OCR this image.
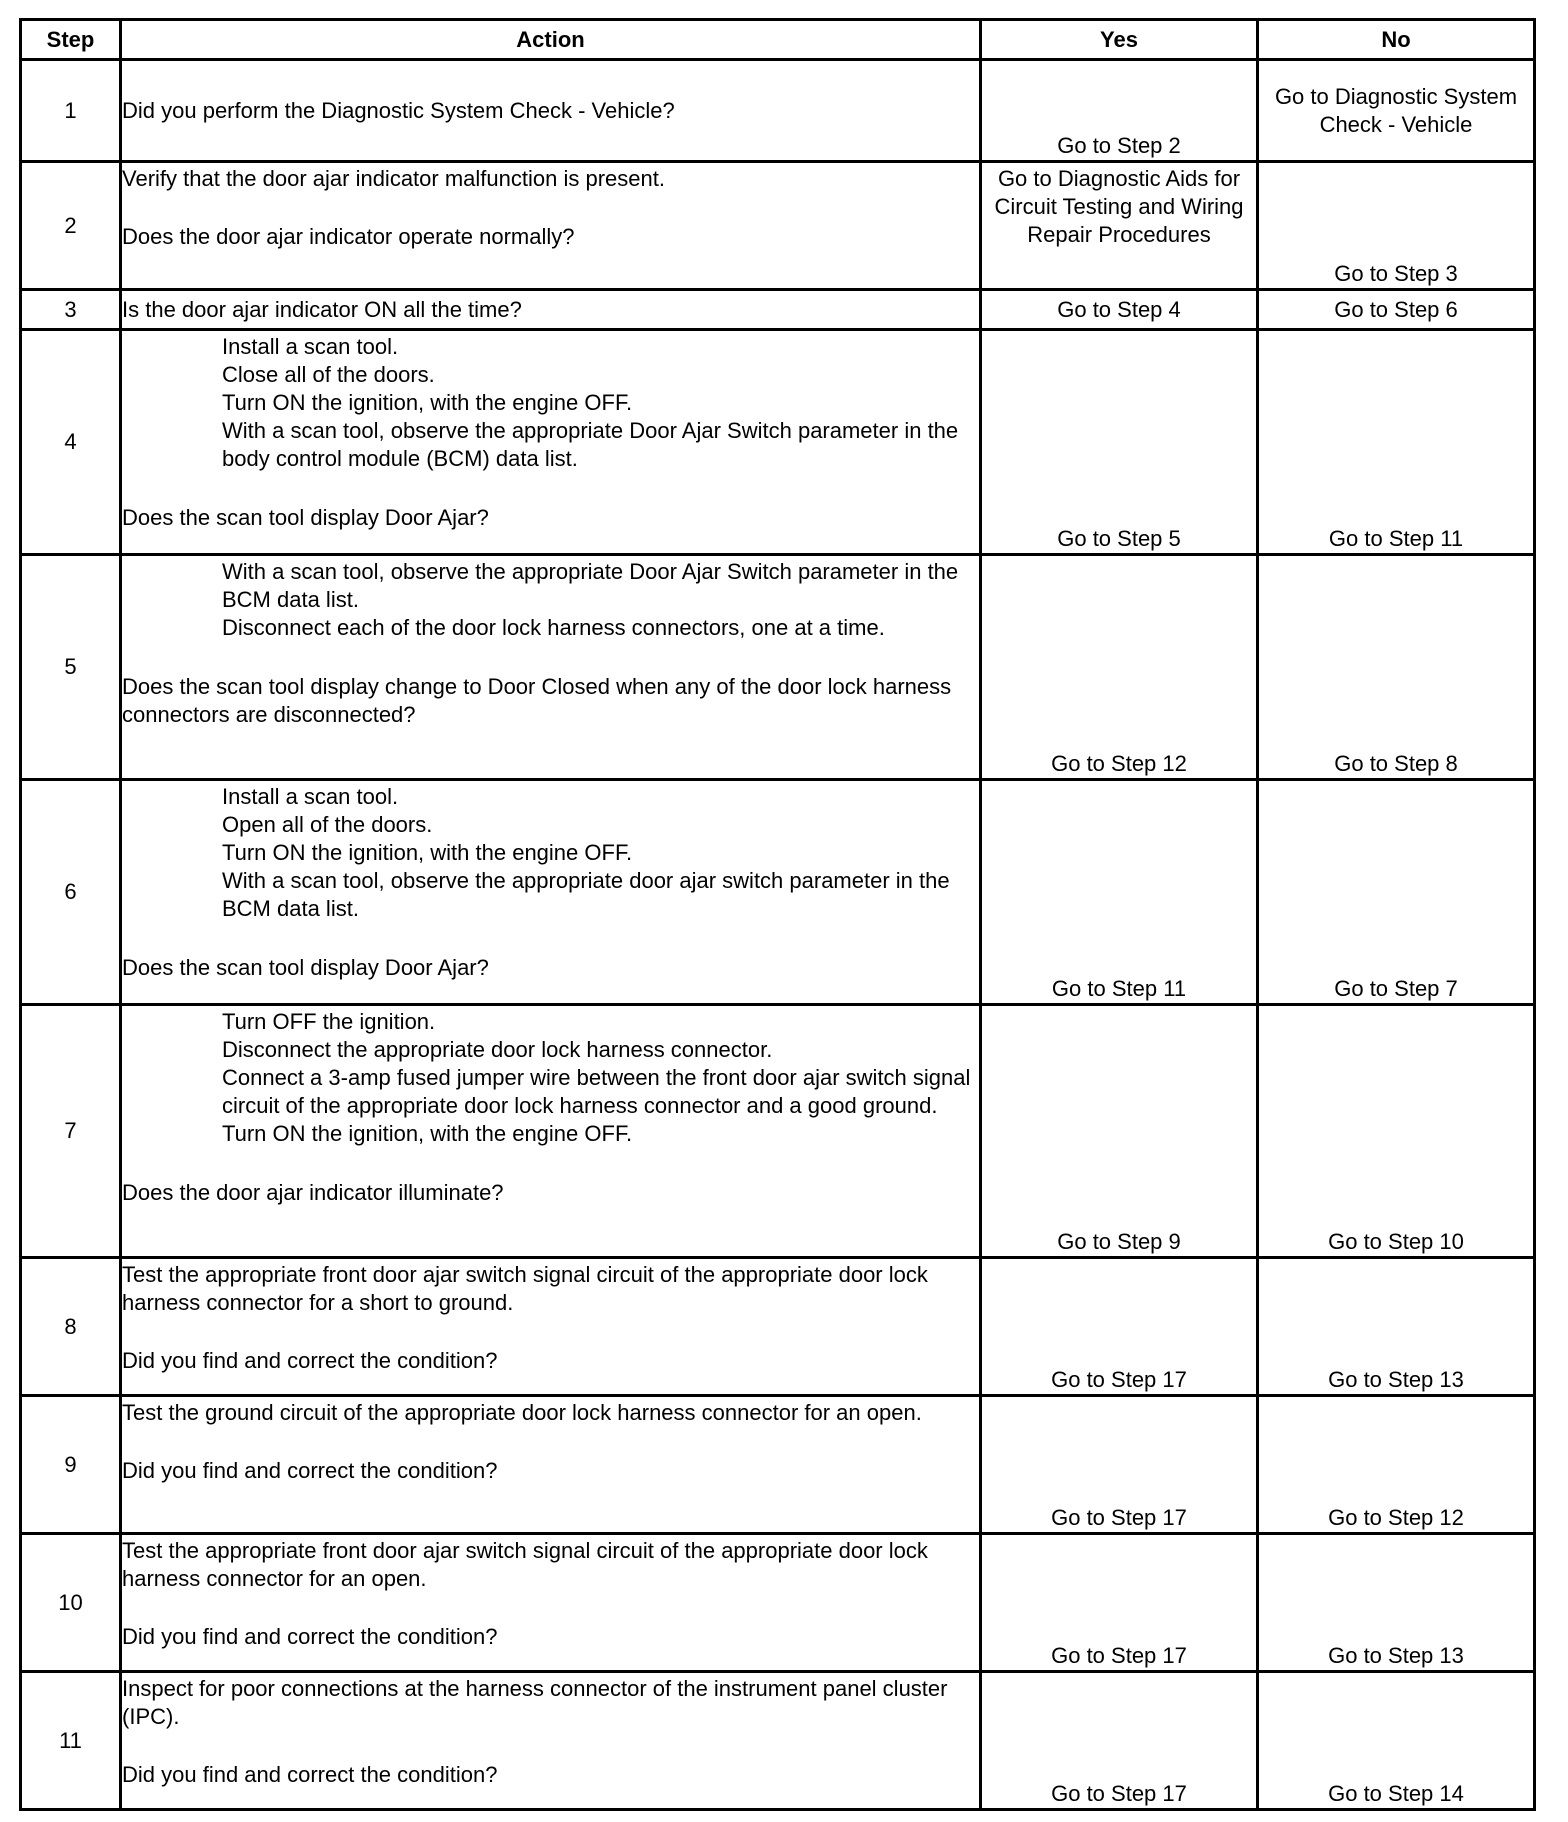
Step	Action	Yes	No
1	Did you perform the Diagnostic System Check - Vehicle?	Go to Step 2	Go to Diagnostic System Check - Vehicle
2	Verify that the door ajar indicator malfunction is present.
Does the door ajar indicator operate normally?	Go to Diagnostic Aids for Circuit Testing and Wiring Repair Procedures	Go to Step 3
3	Is the door ajar indicator ON all the time?	Go to Step 4	Go to Step 6
4	Install a scan tool.
Close all of the doors.
Turn ON the ignition, with the engine OFF.
With a scan tool, observe the appropriate Door Ajar Switch parameter in the body control module (BCM) data list.
Does the scan tool display Door Ajar?	Go to Step 5	Go to Step 11
5	With a scan tool, observe the appropriate Door Ajar Switch parameter in the BCM data list.
Disconnect each of the door lock harness connectors, one at a time.
Does the scan tool display change to Door Closed when any of the door lock harness connectors are disconnected?	Go to Step 12	Go to Step 8
6	Install a scan tool.
Open all of the doors.
Turn ON the ignition, with the engine OFF.
With a scan tool, observe the appropriate door ajar switch parameter in the BCM data list.
Does the scan tool display Door Ajar?	Go to Step 11	Go to Step 7
7	Turn OFF the ignition.
Disconnect the appropriate door lock harness connector.
Connect a 3-amp fused jumper wire between the front door ajar switch signal circuit of the appropriate door lock harness connector and a good ground.
Turn ON the ignition, with the engine OFF.
Does the door ajar indicator illuminate?	Go to Step 9	Go to Step 10
8	Test the appropriate front door ajar switch signal circuit of the appropriate door lock harness connector for a short to ground.
Did you find and correct the condition?	Go to Step 17	Go to Step 13
9	Test the ground circuit of the appropriate door lock harness connector for an open.
Did you find and correct the condition?	Go to Step 17	Go to Step 12
10	Test the appropriate front door ajar switch signal circuit of the appropriate door lock harness connector for an open.
Did you find and correct the condition?	Go to Step 17	Go to Step 13
11	Inspect for poor connections at the harness connector of the instrument panel cluster (IPC).
Did you find and correct the condition?	Go to Step 17	Go to Step 14
